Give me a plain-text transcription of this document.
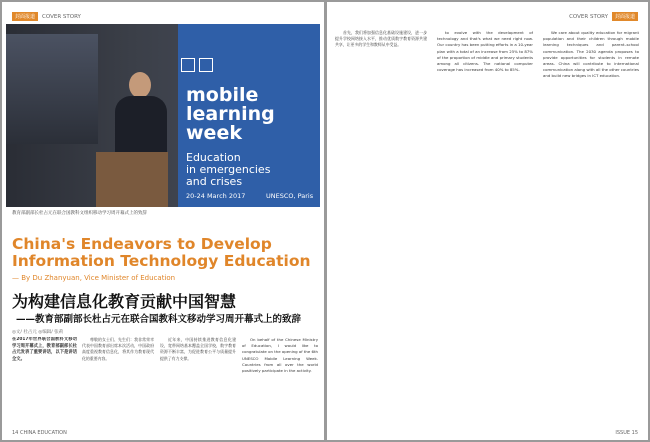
封面报道	COVER STORY
mobile
learning
week
Education
in emergencies
and crises
20-24 March 2017	UNESCO, Paris
教育部副部长杜占元在联合国教科文组织移动学习周开幕式上的致辞
China's Endeavors to Develop Information Technology Education
— By Du Zhanyuan, Vice Minister of Education
为构建信息化教育贡献中国智慧
——教育部副部长杜占元在联合国教科文移动学习周开幕式上的致辞
◎文/ 杜占元 ◎编辑/ 张莉
在2017年世界联合国教科文移动学习周开幕式上，教育部副部长杜占元发表了重要讲话，以下是讲话全文。

尊敬的女士们、先生们：我非常荣幸代表中国教育部出席本次活动，中国政府高度重视教育信息化，将其作为教育现代化的重要内容。

近年来，中国持续推进教育信息化建设，宽带网络基本覆盖全国学校，数字教育资源不断丰富，为促进教育公平与质量提升提供了有力支撑。

On behalf of the Chinese Ministry of Education, I would like to congratulate on the opening of the 6th UNESCO Mobile Learning Week. Countries from all over the world positively participate in the activity.

14 CHINA EDUCATION
COVER STORY	封面报道

首先，我们将加强信息化基础设施建设，进一步提升学校网络接入水平，推动优质数字教育资源共建共享，让更多的学生和教师从中受益。

to evolve with the development of technology and that's what we need right now. Our country has been putting efforts in a 10-year plan with a total of an increase from 25% to 87% of the proportion of middle and primary students among all citizens. The national computer coverage has increased from 40% to 85%.

We care about quality education for migrant population and their children through mobile learning techniques and parent–school communication. The 2030 agenda proposes to provide opportunities for students in remote areas. China will contribute to international communication along with all the other countries and build new bridges in ICT education.

ISSUE 15
